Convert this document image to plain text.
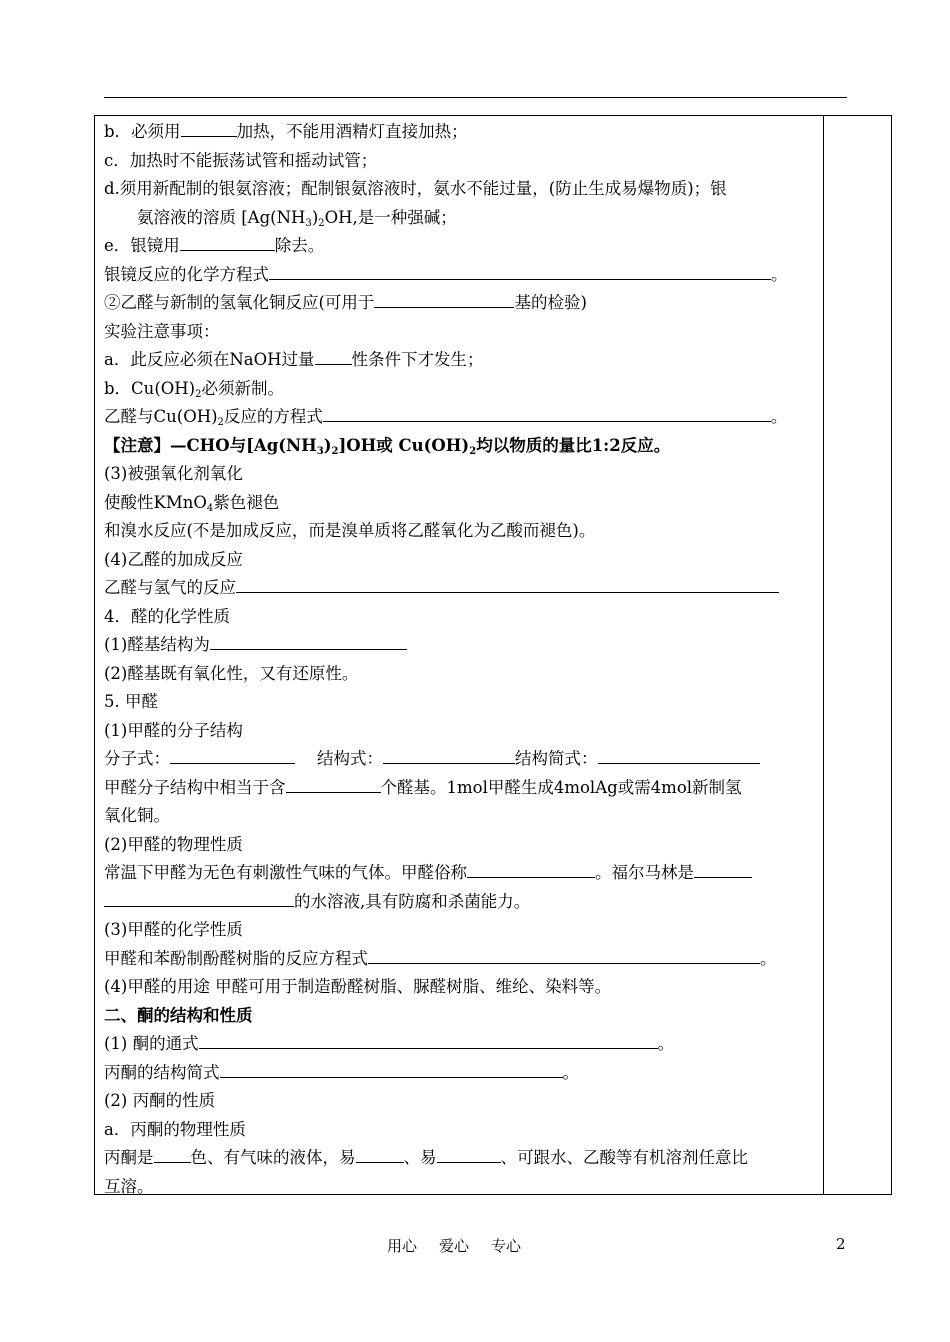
b．必须用	加热，不能用酒精灯直接加热；
c．加热时不能振荡试管和摇动试管；
d.须用新配制的银氨溶液；配制银氨溶液时，氨水不能过量，(防止生成易爆物质)；银
氨溶液的溶质 [$Ag(NH_3)_2OH$,是一种强碱；
e．银镜用	除去。
银镜反应的化学方程式	。
②乙醛与新制的氢氧化铜反应(可用于	基的检验)
实验注意事项：
a．此反应必须在NaOH过量 性条件下才发生；
b．$Cu(OH)_2$必须新制。
乙醛与$Cu(OH)_2$反应的方程式	。
【注意】—CHO与$[Ag(NH_3)_2]OH$或 $Cu(OH)_2$均以物质的量比1:2反应。
(3)被强氧化剂氧化
使酸性KMnO$_4$紫色褪色
和溴水反应(不是加成反应，而是溴单质将乙醛氧化为乙酸而褪色)。
(4)乙醛的加成反应
乙醛与氢气的反应
4．醛的化学性质
(1)醛基结构为
(2)醛基既有氧化性，又有还原性。
5. 甲醛
(1)甲醛的分子结构
分子式：	结构式：	结构简式：
甲醛分子结构中相当于含	个醛基。1mol甲醛生成4molAg或需4mol新制氢
氧化铜。
(2)甲醛的物理性质
常温下甲醛为无色有刺激性气味的气体。甲醛俗称	。福尔马林是
的水溶液,具有防腐和杀菌能力。
(3)甲醛的化学性质
甲醛和苯酚制酚醛树脂的反应方程式	。
(4)甲醛的用途 甲醛可用于制造酚醛树脂、脲醛树脂、维纶、染料等。
二、酮的结构和性质
(1) 酮的通式	。
丙酮的结构简式	。
(2) 丙酮的性质
a．丙酮的物理性质
丙酮是 色、有气味的液体，易	、易	、可跟水、乙酸等有机溶剂任意比
互溶。
用心 爱心 专心	2
